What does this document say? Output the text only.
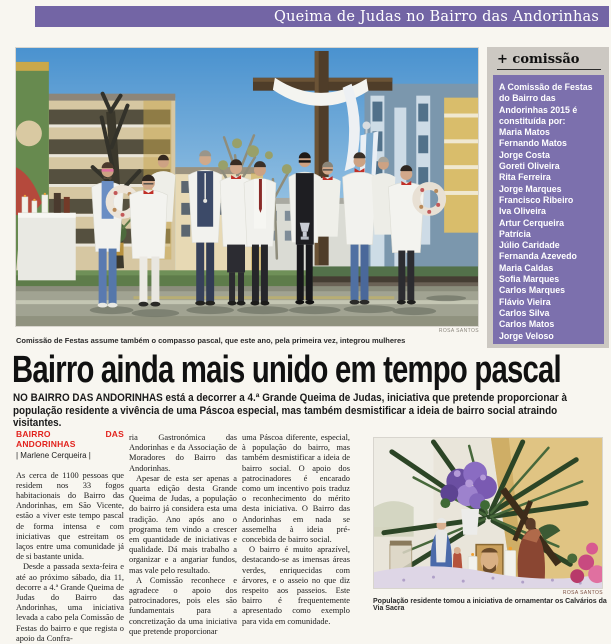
Queima de Judas no Bairro das Andorinhas
ROSA SANTOS
Comissão de Festas assume também o compasso pascal, que este ano, pela primeira vez, integrou mulheres
+ comissão
A Comissão de Festas do Bairro das Andorinhas 2015 é constituída por:
Maria Matos
Fernando Matos
Jorge Costa
Goreti Oliveira
Rita Ferreira
Jorge Marques
Francisco Ribeiro
Iva Oliveira
Artur Cerqueira
Patrícia
Júlio Caridade
Fernanda Azevedo
Maria Caldas
Sofia Marques
Carlos Marques
Flávio Vieira
Carlos Silva
Carlos Matos
Jorge Veloso
Bairro ainda mais unido em tempo pascal

NO BAIRRO DAS ANDORINHAS está a decorrer a 4.ª Grande Queima de Judas, iniciativa que pretende proporcionar à população residente a vivência de uma Páscoa especial, mas também desmistificar a ideia de bairro social atraindo visitantes.

BAIRRO DAS ANDORINHAS
| Marlene Cerqueira |

As cerca de 1100 pessoas que residem nos 33 fogos habitacionais do Bairro das Andorinhas, em São Vicente, estão a viver este tempo pascal de forma intensa e com iniciativas que estreitam os laços entre uma comunidade já de si bastante unida.

Desde a passada sexta-feira e até ao próximo sábado, dia 11, decorre a 4.ª Grande Queima de Judas do Bairro das Andorinhas, uma iniciativa levada a cabo pela Comissão de Festas do bairro e que regista o apoio da Confra-

ria Gastronómica das Andorinhas e da Associação de Moradores do Bairro das Andorinhas.

Apesar de esta ser apenas a quarta edição desta Grande Queima de Judas, a população do bairro já considera esta uma tradição. Ano após ano o programa tem vindo a crescer em quantidade de iniciativas e qualidade. Dá mais trabalho a organizar e a angariar fundos, mas vale pelo resultado.

A Comissão reconhece e agradece o apoio dos patrocinadores, pois eles são fundamentais para a concretização da uma iniciativa que pretende proporcionar

uma Páscoa diferente, especial, à população do bairro, mas também desmistificar a ideia de bairro social. O apoio dos patrocinadores é encarado como um incentivo pois traduz o reconhecimento do mérito desta iniciativa. O Bairro das Andorinhas em nada se assemelha à ideia pré-concebida de bairro social.

O bairro é muito aprazível, destacando-se as imensas áreas verdes, enriquecidas com árvores, e o asseio no que diz respeito aos passeios. Este bairro é frequentemente apresentado como exemplo para vida em comunidade.

ROSA SANTOS
População residente tomou a iniciativa de ornamentar os Calvários da Via Sacra
